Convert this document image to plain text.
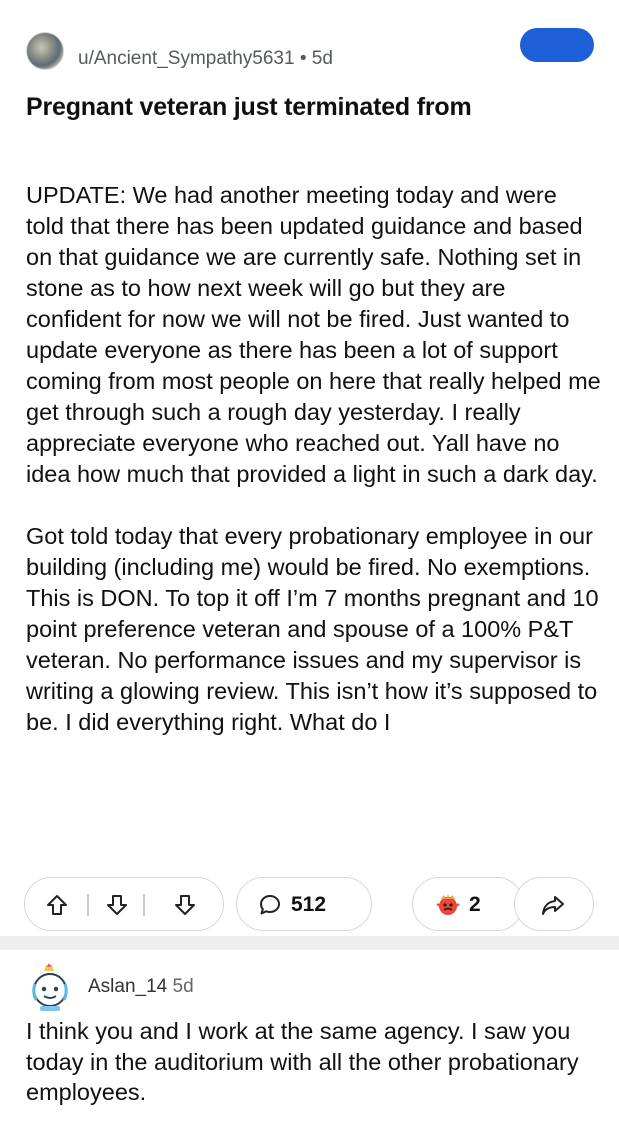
u/Ancient_Sympathy5631 • 5d
Pregnant veteran just terminated from

UPDATE: We had another meeting today and were told that there has been updated guidance and based on that guidance we are currently safe. Nothing set in stone as to how next week will go but they are confident for now we will not be fired. Just wanted to update everyone as there has been a lot of support coming from most people on here that really helped me get through such a rough day yesterday. I really appreciate everyone who reached out. Yall have no idea how much that provided a light in such a dark day.

Got told today that every probationary employee in our building (including me) would be fired. No exemptions. This is DON. To top it off I’m 7 months pregnant and 10 point preference veteran and spouse of a 100% P&T veteran. No performance issues and my supervisor is writing a glowing review. This isn’t how it’s supposed to be. I did everything right. What do I

512	2
Aslan_14 5d
I think you and I work at the same agency. I saw you today in the auditorium with all the other probationary employees.
